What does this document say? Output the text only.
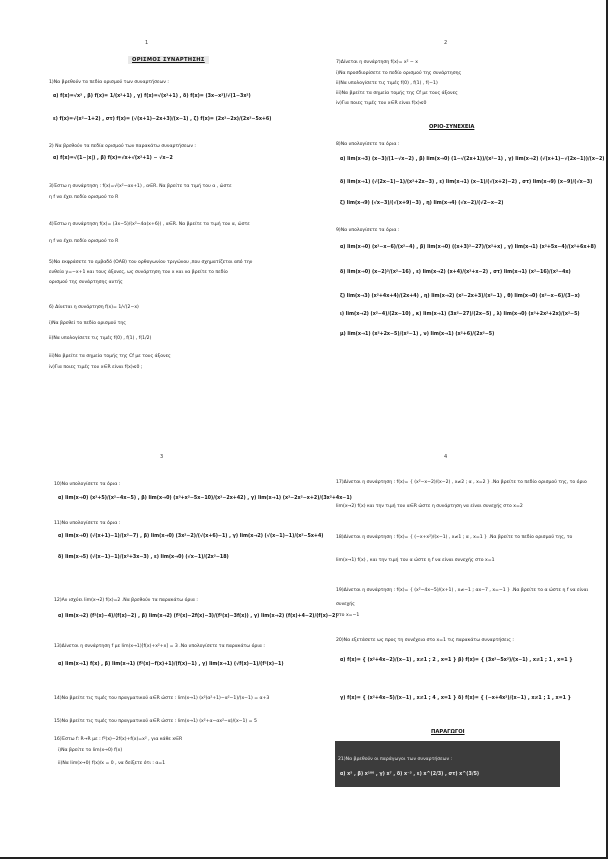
1
ΟΡΙΣΜΟΣ ΣΥΝΑΡΤΗΣΗΣ
1)Να βρεθούν τα πεδία ορισμού των συναρτήσεων :
α) f(x)=√x³ , β) f(x)= 1/(x²+1) , γ) f(x)=√(x²+1) , δ) f(x)= (3x−x²)/√(1−3x²)
ε) f(x)=√(x²−1+2) , στ) f(x)= (√(x+1)−2x+3)/(x−1) , ζ) f(x)= (2x²−2x)/(2x²−5x+6)
2) Να βρεθούν τα πεδία ορισμού των παρακάτω συναρτήσεων :
α) f(x)=√(1−|x|) , β) f(x)=√x+√(x²+1) − √x−2
3)Έστω η συνάρτηση : f(x)=√(x²−αx+1) , α∈R. Να βρείτε τα τιμή του α , ώστε
η f να έχει πεδίο ορισμού το R
4)Έστω η συνάρτηση f(x)= (3x−5)/(x²−4α(x+6)) , α∈R. Να βρείτε τα τιμή του α, ώστε
η f να έχει πεδίο ορισμού το R
5)Να εκφράσετε το εμβαδό (ΟΑΒ) του ορθογωνίου τριγώνου ,που σχηματίζεται από την
ευθεία y=−x+1 και τους άξονες, ως συνάρτηση του x και να βρείτε το πεδίο
ορισμού της συνάρτησης αυτής
6) Δίνεται η συνάρτηση f(x)= 1/√(2−x)
i)Να βρεθεί το πεδίο ορισμού της
ii)Να υπολογίσετε τις τιμές f(0) , f(1) , f(1/2)
iii)Να βρείτε τα σημεία τομής της Cf με τους άξονες
iv)Για ποιες τιμές του x∈R είναι f(x)≤0 ;
2
7)Δίνεται η συνάρτηση f(x)= x² − x
i)Να προσδιορίσετε το πεδίο ορισμού της συνάρτησης
ii)Να υπολογίσετε τις τιμές f(0) , f(1) , f(−1)
iii)Να βρείτε τα σημεία τομής της Cf με τους άξονες
iv)Για ποιες τιμές του x∈R είναι f(x)≤0
ΟΡΙΟ-ΣΥΝΕΧΕΙΑ
8)Να υπολογίσετε τα όρια :
α) lim(x→3) (x−3)/(1−√x−2) , β) lim(x→0) (1−√(2x+1))/(x²−1) , γ) lim(x→2) (√(x+1)−√(2x−1))/(x−2)
δ) lim(x→1) (√(2x−1)−1)/(x²+2x−3) , ε) lim(x→1) (x−1)/(√(x+2)−2) , στ) lim(x→9) (x−9)/(√x−3)
ζ) lim(x→9) (√x−3)/(√(x+9)−3) , η) lim(x→4) (√x−2)/(√2−x−2)
9)Να υπολογίσετε τα όρια :
α) lim(x→0) (x²−x−6)/(x²−4) , β) lim(x→0) ((x+3)²−27)/(x²+x) , γ) lim(x→1) (x²+5x−4)/(x²+6x+8)
δ) lim(x→0) (x−2)²/(x²−16) , ε) lim(x→2) (x+4)/(x²+x−2) , στ) lim(x→1) (x²−16)/(x²−4x)
ζ) lim(x→3) (x²+4x+4)/(2x+4) , η) lim(x→2) (x²−2x+3)/(x²−1) , θ) lim(x→0) (x²−x−6)/(3−x)
ι) lim(x→2) (x²−4)/(2x−10) , κ) lim(x→1) (3x²−27)/(2x−5) , λ) lim(x→0) (x³+2x²+2x)/(x²−5)
μ) lim(x→1) (x²+2x−5)/(x²−1) , ν) lim(x→1) (x²+6)/(2x²−5)
3
10)Να υπολογίσετε τα όρια :
α) lim(x→0) (x²+5)/(x²−4x−5) , β) lim(x→0) (x³+x²−5x−10)/(x²−2x+42) , γ) lim(x→1) (x³−2x²−x+2)/(3x²+4x−1)
11)Να υπολογίσετε τα όρια :
α) lim(x→0) (√(x+1)−1)/(x²−7) , β) lim(x→0) (3x²−2)/(√(x+6)−1) , γ) lim(x→2) (√(x−1)−1)/(x²−5x+4)
δ) lim(x→5) (√(x−1)−1)/(x²+3x−3) , ε) lim(x→0) (√x−1)/(2x²−18)
12)Αν ισχύει lim(x→2) f(x)=2 .Να βρεθούν τα παρακάτω όρια :
α) lim(x→2) (f²(x)−4)/(f(x)−2) , β) lim(x→2) (f²(x)−2f(x)−3)/(f²(x)−3f(x)) , γ) lim(x→2) (f(x)+4−2)/(f(x)−2)
13)Δίνεται η συνάρτηση f με lim(x→1)[f(x)+x²+x] = 3 .Να υπολογίσετε τα παρακάτω όρια :
α) lim(x→1) f(x) , β) lim(x→1) (f²(x)−f(x)+1)/(f(x)−1) , γ) lim(x→1) (√f(x)−1)/(f²(x)−1)
14)Να βρείτε τις τιμές του πραγματικού α∈R ώστε : lim(x→1) (x²(α²+1)−α²−1)/(x−1) = α+3
15)Να βρείτε τις τιμές του πραγματικού α∈R ώστε : lim(x→1) (x²+α−αx²−α)/(x−1) = 5
16)Έστω f: R→R με : f²(x)−2f(x)+f(x)=x² , για κάθε x∈R
i)Να βρείτε το lim(x→0) f(x)
ii)Να lim(x→0) f(x)/x = 0 , να δείξετε ότι : α=1
4
17)Δίνεται η συνάρτηση : f(x)= { (x²−x−2)/(x−2) , x≠2 ; α , x=2 } .Να βρείτε το πεδίο ορισμού της, το όριο
lim(x→2) f(x) και την τιμή του α∈R ώστε η συνάρτηση να είναι συνεχής στο x=2
18)Δίνεται η συνάρτηση : f(x)= { (−x+x²)/(x−1) , x≠1 ; α , x=1 } .Να βρείτε το πεδίο ορισμού της, το
lim(x→1) f(x) , και την τιμή του α ώστε η f να είναι συνεχής στο x=1
19)Δίνεται η συνάρτηση : f(x)= { (x²−4x−5)/(x+1) , x≠−1 ; αx−7 , x=−1 } .Να βρείτε το α ώστε η f να είναι
συνεχής
στο x=−1
20)Να εξετάσετε ως προς τη συνέχεια στο x=1 τις παρακάτω συναρτήσεις :
α) f(x)= { (x²+4x−2)/(x−1) , x≠1 ; 2 , x=1 } β) f(x)= { (3x²−5x²)/(x−1) , x≠1 ; 1 , x=1 }
γ) f(x)= { (x²+4x−5)/(x−1) , x≠1 ; 4 , x=1 } δ) f(x)= { (−x+4x²)/(x−1) , x≠1 ; 1 , x=1 }
ΠΑΡΑΓΩΓΟΙ
21)Να βρεθούν οι παράγωγοι των συναρτήσεων :
α) x⁵ , β) x¹⁰⁰ , γ) x⁷ , δ) x⁻³ , ε) x^(2/3) , στ) x^(3/5)
